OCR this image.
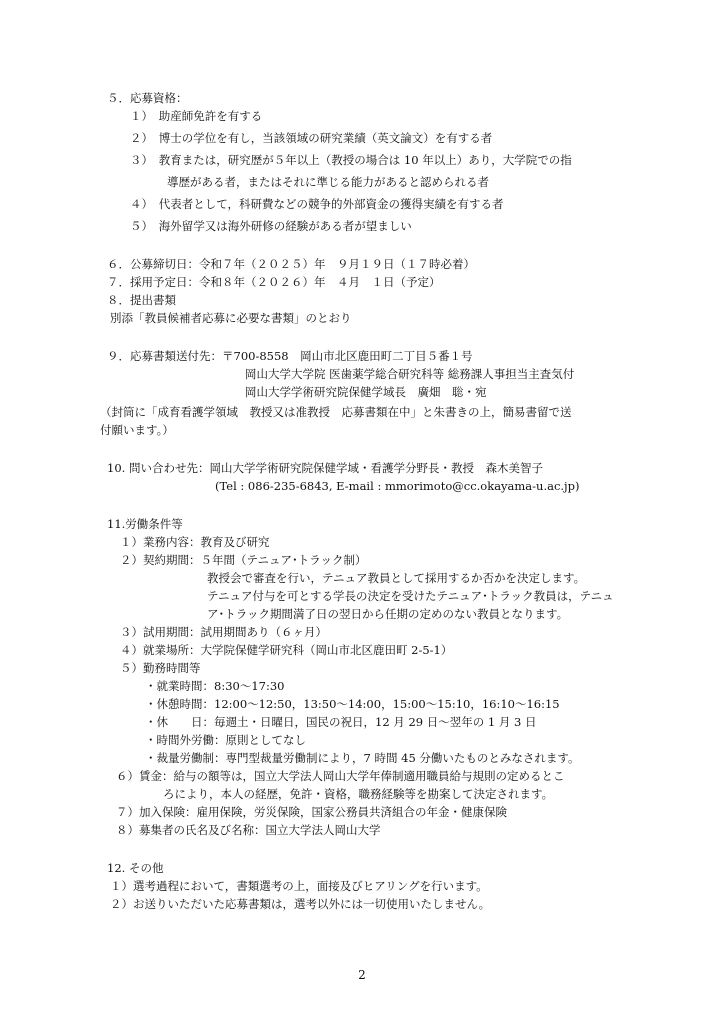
５．応募資格：
１）　助産師免許を有する
２）　博士の学位を有し，当該領域の研究業績（英文論文）を有する者
３）　教育または，研究歴が５年以上（教授の場合は 10 年以上）あり，大学院での指
導歴がある者，またはそれに準じる能力があると認められる者
４）　代表者として，科研費などの競争的外部資金の獲得実績を有する者
５）　海外留学又は海外研修の経験がある者が望ましい
６．公募締切日：令和７年（２０２５）年　９月１９日（１７時必着）
７．採用予定日：令和８年（２０２６）年　４月　１日（予定）
８．提出書類
別添「教員候補者応募に必要な書類」のとおり
９．応募書類送付先：〒700-8558　岡山市北区鹿田町二丁目５番１号
岡山大学大学院 医歯薬学総合研究科等 総務課人事担当主査気付
岡山大学学術研究院保健学域長　廣畑　聡・宛
（封筒に「成育看護学領域　教授又は准教授　応募書類在中」と朱書きの上，簡易書留で送
付願います。）
10. 問い合わせ先：岡山大学学術研究院保健学域・看護学分野長・教授　森木美智子
(Tel : 086-235-6843, E-mail : mmorimoto@cc.okayama-u.ac.jp)
11.労働条件等
１）業務内容：教育及び研究
２）契約期間：５年間（テニュア･トラック制）
教授会で審査を行い，テニュア教員として採用するか否かを決定します。
テニュア付与を可とする学長の決定を受けたテニュア･トラック教員は，テニュ
ア･トラック期間満了日の翌日から任期の定めのない教員となります。
３）試用期間：試用期間あり（６ヶ月）
４）就業場所：大学院保健学研究科（岡山市北区鹿田町 2-5-1）
５）勤務時間等
・就業時間：8:30～17:30
・休憩時間：12:00～12:50，13:50～14:00，15:00～15:10，16:10～16:15
・休　　日：毎週土・日曜日，国民の祝日，12 月 29 日～翌年の 1 月 3 日
・時間外労働：原則としてなし
・裁量労働制：専門型裁量労働制により，7 時間 45 分働いたものとみなされます。
６）賃金：給与の額等は，国立大学法人岡山大学年俸制適用職員給与規則の定めるとこ
ろにより，本人の経歴，免許・資格，職務経験等を勘案して決定されます。
７）加入保険：雇用保険，労災保険，国家公務員共済組合の年金・健康保険
８）募集者の氏名及び名称：国立大学法人岡山大学
12. その他
１）選考過程において，書類選考の上，面接及びヒアリングを行います。
２）お送りいただいた応募書類は，選考以外には一切使用いたしません。
2
